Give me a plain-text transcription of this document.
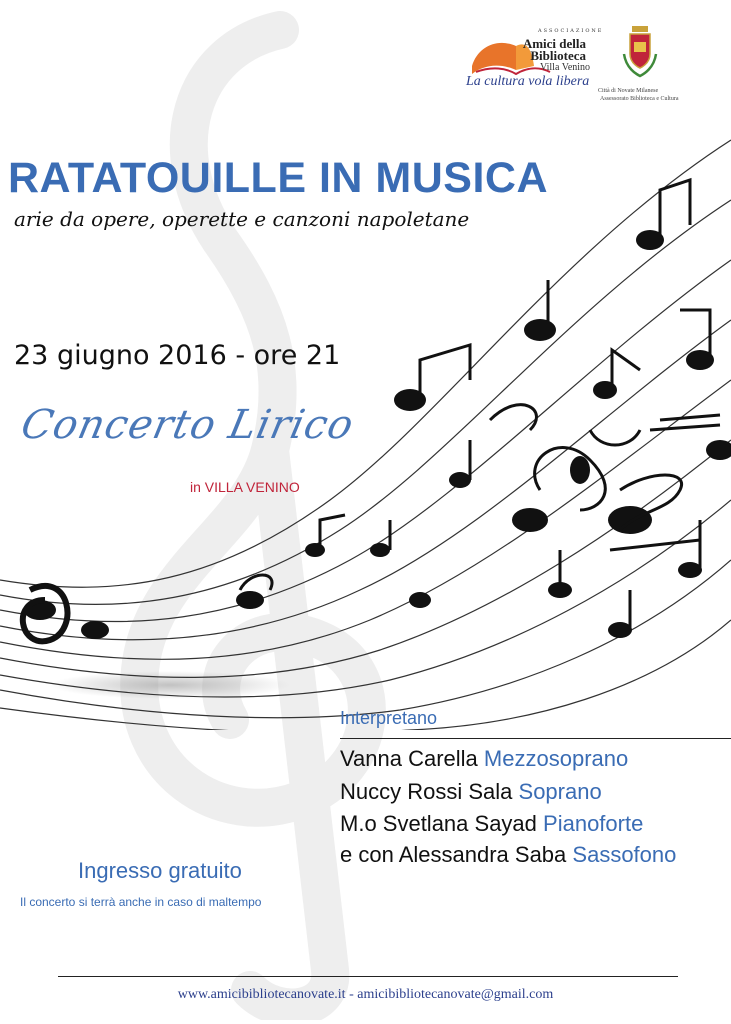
ASSOCIAZIONE
Amici della
Biblioteca
Villa Venino
La cultura vola libera
Città di Novate Milanese
Assessorato Biblioteca e Cultura
RATATOUILLE IN MUSICA
arie da opere, operette e canzoni napoletane
23 giugno 2016 - ore 21
Concerto Lirico
in VILLA VENINO
Interpretano
Vanna Carella Mezzosoprano
Nuccy Rossi Sala Soprano
M.o Svetlana Sayad Pianoforte
e con Alessandra Saba Sassofono
Ingresso gratuito
Il concerto si terrà anche in caso di maltempo
www.amicibibliotecanovate.it - amicibibliotecanovate@gmail.com
